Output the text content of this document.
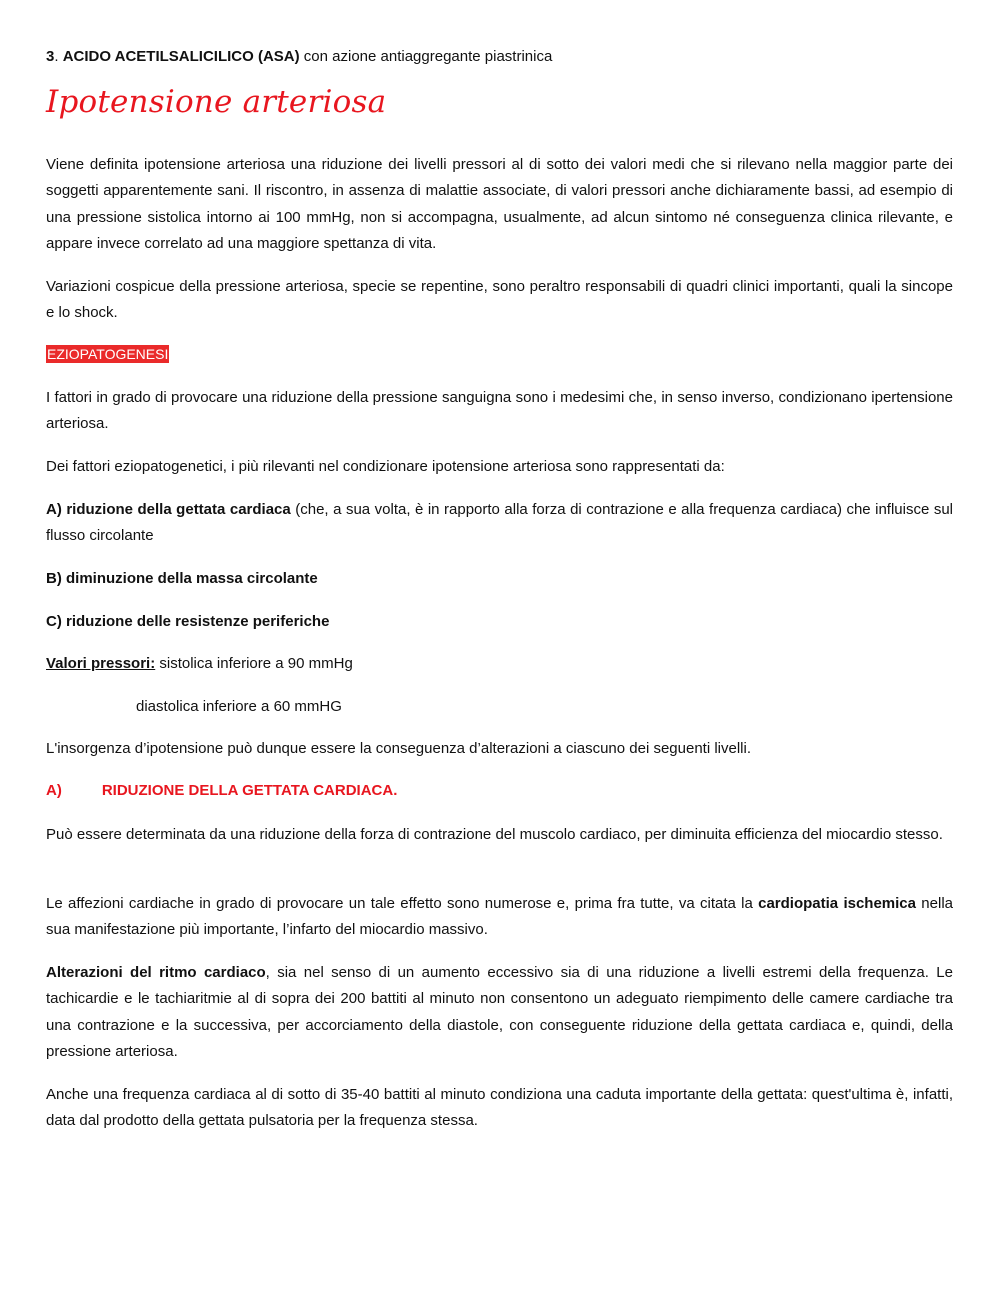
3. ACIDO ACETILSALICILICO (ASA) con azione antiaggregante piastrinica
Ipotensione arteriosa
Viene definita ipotensione arteriosa una riduzione dei livelli pressori al di sotto dei valori medi che si rilevano nella maggior parte dei soggetti apparentemente sani. Il riscontro, in assenza di malattie associate, di valori pressori anche dichiaramente bassi, ad esempio di una pressione sistolica intorno ai 100 mmHg, non si accompagna, usualmente, ad alcun sintomo né conseguenza clinica rilevante, e appare invece correlato ad una maggiore spettanza di vita.
Variazioni cospicue della pressione arteriosa, specie se repentine, sono peraltro responsabili di quadri clinici importanti, quali la sincope e lo shock.
EZIOPATOGENESI
I fattori in grado di provocare una riduzione della pressione sanguigna sono i medesimi che, in senso inverso, condizionano ipertensione arteriosa.
Dei fattori eziopatogenetici, i più rilevanti nel condizionare ipotensione arteriosa sono rappresentati da:
A) riduzione della gettata cardiaca (che, a sua volta, è in rapporto alla forza di contrazione e alla frequenza cardiaca) che influisce sul flusso circolante
B) diminuzione della massa circolante
C) riduzione delle resistenze periferiche
Valori pressori: sistolica inferiore a 90 mmHg
diastolica inferiore a 60 mmHG
L'insorgenza d’ipotensione può dunque essere la conseguenza d’alterazioni a ciascuno dei seguenti livelli.
A)	RIDUZIONE DELLA GETTATA CARDIACA.
Può essere determinata da una riduzione della forza di contrazione del muscolo cardiaco, per diminuita efficienza del miocardio stesso.
Le affezioni cardiache in grado di provocare un tale effetto sono numerose e, prima fra tutte, va citata la cardiopatia ischemica nella sua manifestazione più importante, l’infarto del miocardio massivo.
Alterazioni del ritmo cardiaco, sia nel senso di un aumento eccessivo sia di una riduzione a livelli estremi della frequenza. Le tachicardie e le tachiaritmie al di sopra dei 200 battiti al minuto non consentono un adeguato riempimento delle camere cardiache tra una contrazione e la successiva, per accorciamento della diastole, con conseguente riduzione della gettata cardiaca e, quindi, della pressione arteriosa.
Anche una frequenza cardiaca al di sotto di 35-40 battiti al minuto condiziona una caduta importante della gettata: quest'ultima è, infatti, data dal prodotto della gettata pulsatoria per la frequenza stessa.
